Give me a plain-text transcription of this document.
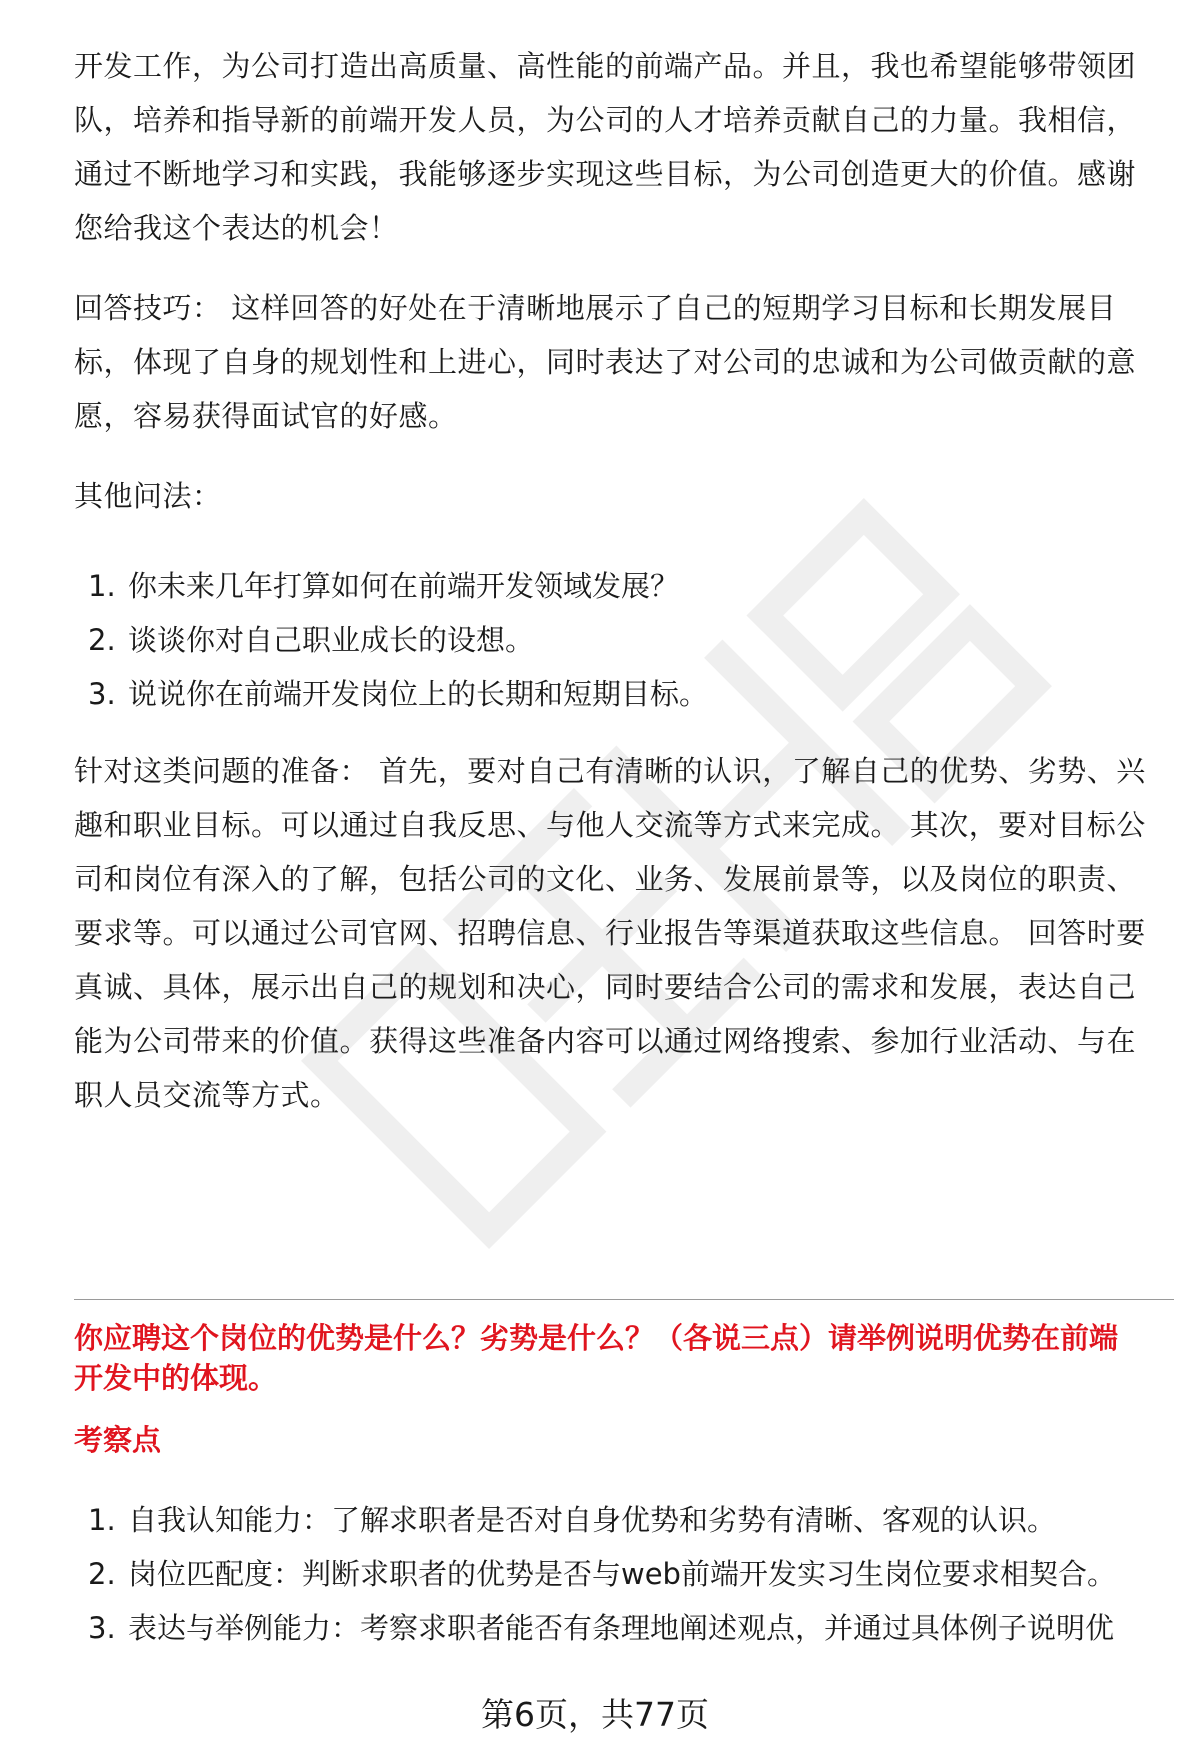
开发工作，为公司打造出高质量、高性能的前端产品。并且，我也希望能够带领团

队，培养和指导新的前端开发人员，为公司的人才培养贡献自己的力量。我相信，

通过不断地学习和实践，我能够逐步实现这些目标，为公司创造更大的价值。感谢

您给我这个表达的机会！

回答技巧： 这样回答的好处在于清晰地展示了自己的短期学习目标和长期发展目

标，体现了自身的规划性和上进心，同时表达了对公司的忠诚和为公司做贡献的意

愿，容易获得面试官的好感。

其他问法：

1. 你未来几年打算如何在前端开发领域发展？

2. 谈谈你对自己职业成长的设想。

3. 说说你在前端开发岗位上的长期和短期目标。

针对这类问题的准备： 首先，要对自己有清晰的认识，了解自己的优势、劣势、兴

趣和职业目标。可以通过自我反思、与他人交流等方式来完成。 其次，要对目标公

司和岗位有深入的了解，包括公司的文化、业务、发展前景等，以及岗位的职责、

要求等。可以通过公司官网、招聘信息、行业报告等渠道获取这些信息。 回答时要

真诚、具体，展示出自己的规划和决心，同时要结合公司的需求和发展，表达自己

能为公司带来的价值。获得这些准备内容可以通过网络搜索、参加行业活动、与在

职人员交流等方式。

你应聘这个岗位的优势是什么？劣势是什么？（各说三点）请举例说明优势在前端
开发中的体现。

考察点

1. 自我认知能力：了解求职者是否对自身优势和劣势有清晰、客观的认识。

2. 岗位匹配度：判断求职者的优势是否与web前端开发实习生岗位要求相契合。

3. 表达与举例能力：考察求职者能否有条理地阐述观点，并通过具体例子说明优

第6页，共77页
